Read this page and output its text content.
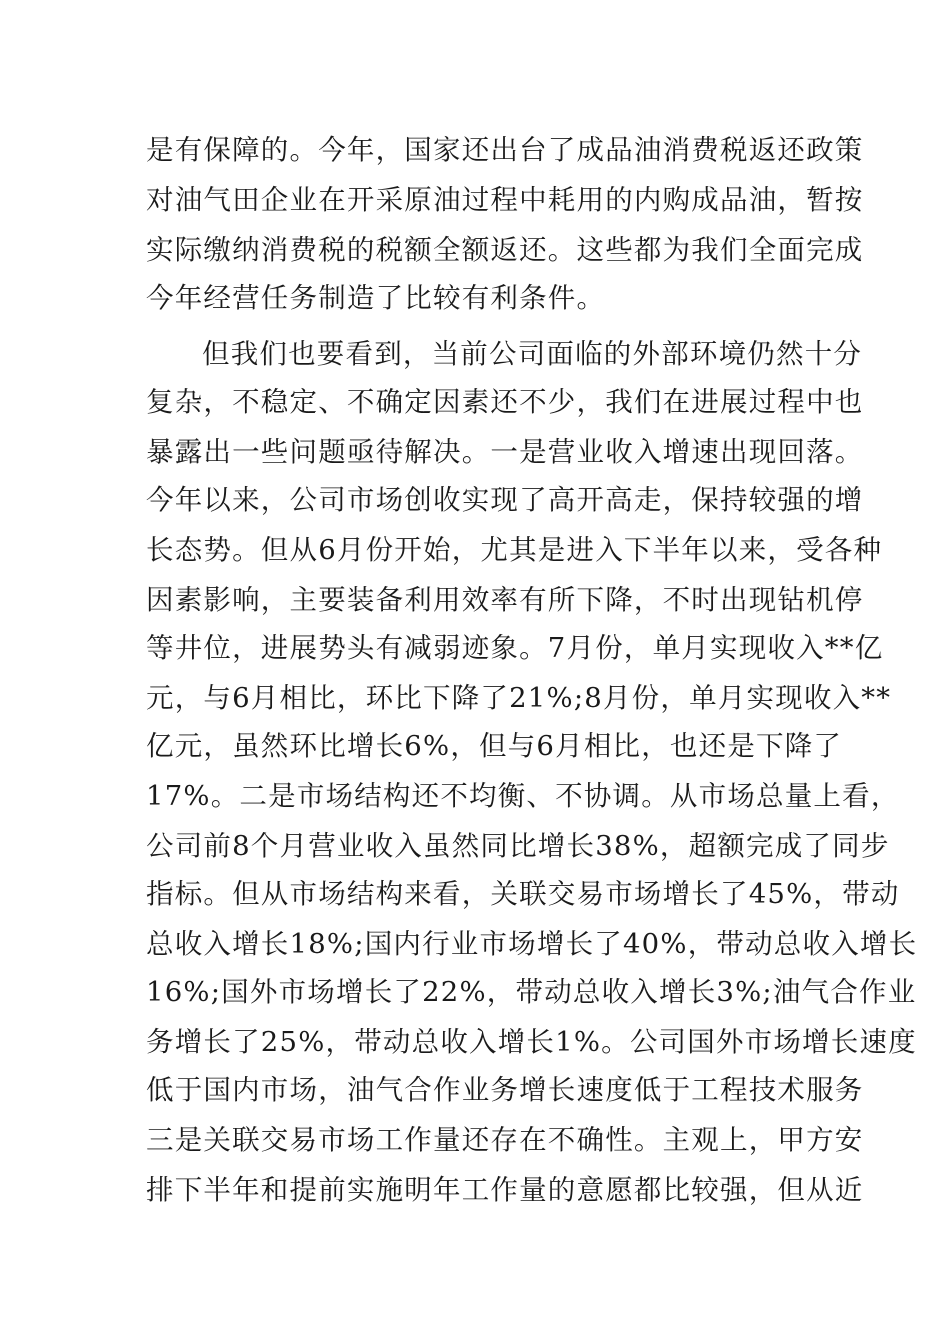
是有保障的。今年，国家还出台了成品油消费税返还政策
对油气田企业在开采原油过程中耗用的内购成品油，暂按
实际缴纳消费税的税额全额返还。这些都为我们全面完成
今年经营任务制造了比较有利条件。
但我们也要看到，当前公司面临的外部环境仍然十分
复杂，不稳定、不确定因素还不少，我们在进展过程中也
暴露出一些问题亟待解决。一是营业收入增速出现回落。
今年以来，公司市场创收实现了高开高走，保持较强的增
长态势。但从6月份开始，尤其是进入下半年以来，受各种
因素影响，主要装备利用效率有所下降，不时出现钻机停
等井位，进展势头有减弱迹象。7月份，单月实现收入**亿
元，与6月相比，环比下降了21%;8月份，单月实现收入**
亿元，虽然环比增长6%，但与6月相比，也还是下降了
17%。二是市场结构还不均衡、不协调。从市场总量上看，
公司前8个月营业收入虽然同比增长38%，超额完成了同步
指标。但从市场结构来看，关联交易市场增长了45%，带动
总收入增长18%;国内行业市场增长了40%，带动总收入增长
16%;国外市场增长了22%，带动总收入增长3%;油气合作业
务增长了25%，带动总收入增长1%。公司国外市场增长速度
低于国内市场，油气合作业务增长速度低于工程技术服务
三是关联交易市场工作量还存在不确性。主观上，甲方安
排下半年和提前实施明年工作量的意愿都比较强，但从近
